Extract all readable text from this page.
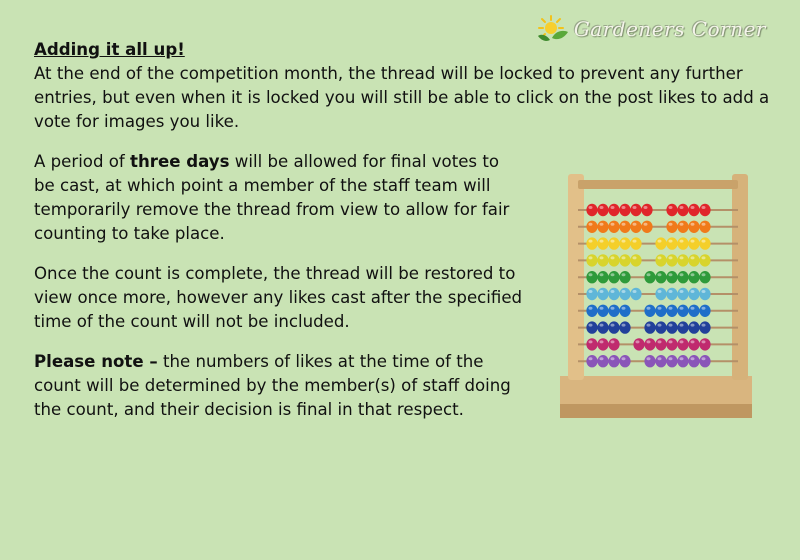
Gardeners Corner
Adding it all up!

At the end of the competition month, the thread will be locked to prevent any further entries, but even when it is locked you will still be able to click on the post likes to add a vote for images you like.

A period of three days will be allowed for final votes to be cast, at which point a member of the staff team will temporarily remove the thread from view to allow for fair counting to take place.

Once the count is complete, the thread will be restored to view once more, however any likes cast after the specified time of the count will not be included.

Please note – the numbers of likes at the time of the count will be determined by the member(s) of staff doing the count, and their decision is final in that respect.
